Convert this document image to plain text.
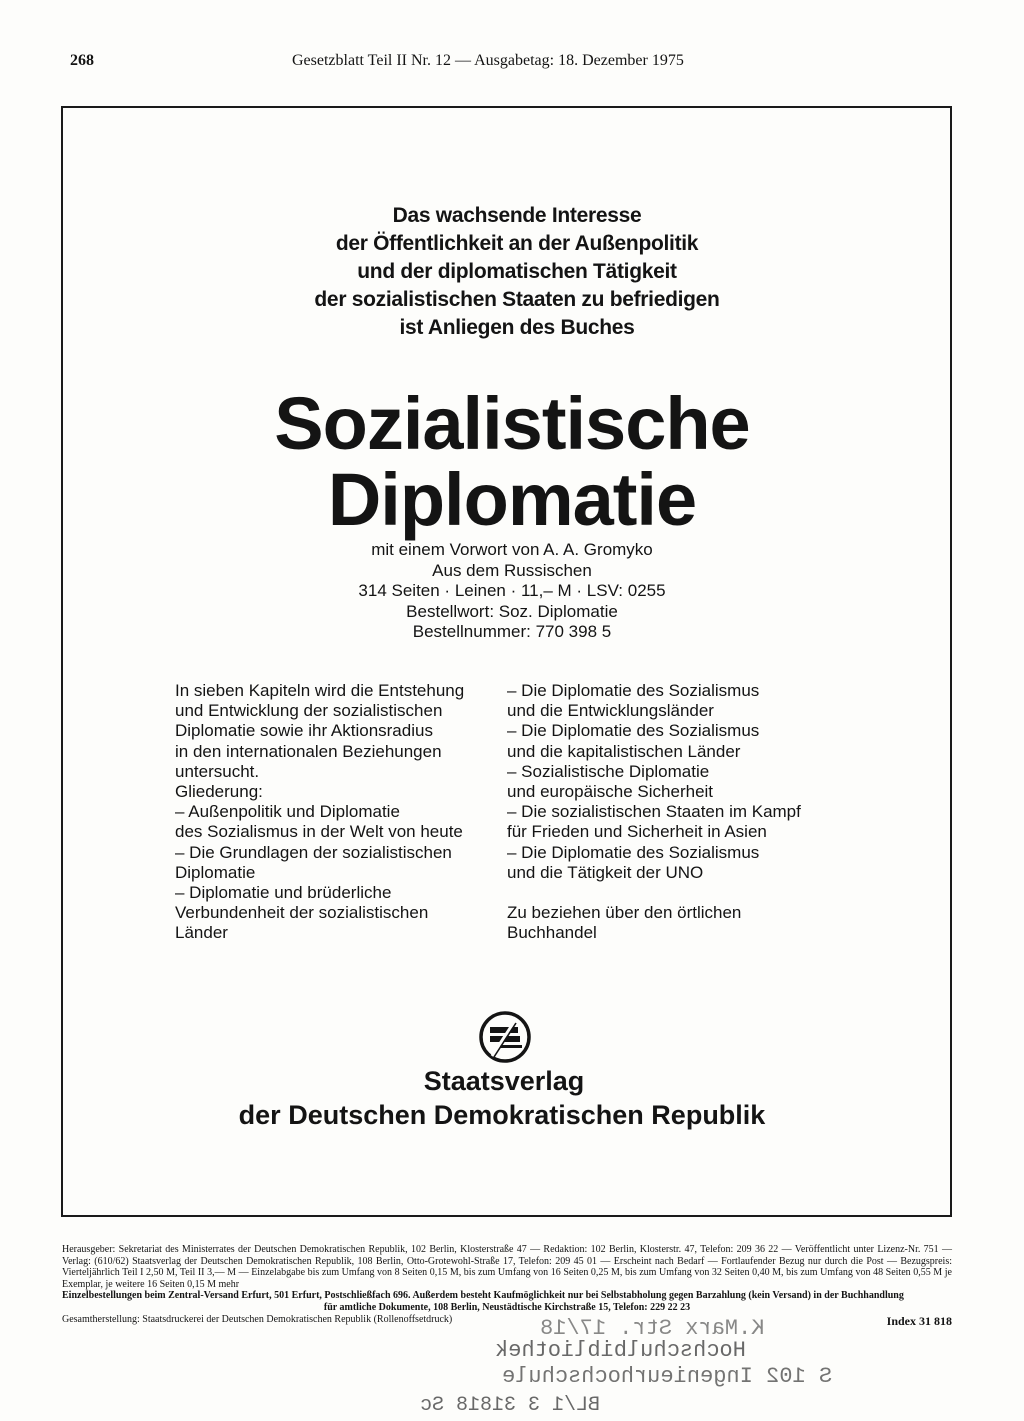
268	Gesetzblatt Teil II Nr. 12 — Ausgabetag: 18. Dezember 1975
Das wachsende Interesse
der Öffentlichkeit an der Außenpolitik
und der diplomatischen Tätigkeit
der sozialistischen Staaten zu befriedigen
ist Anliegen des Buches
Sozialistische
Diplomatie
mit einem Vorwort von A. A. Gromyko
Aus dem Russischen
314 Seiten · Leinen · 11,– M · LSV: 0255
Bestellwort: Soz. Diplomatie
Bestellnummer: 770 398 5
In sieben Kapiteln wird die Entstehung
und Entwicklung der sozialistischen
Diplomatie sowie ihr Aktionsradius
in den internationalen Beziehungen
untersucht.
Gliederung:
– Außenpolitik und Diplomatie
des Sozialismus in der Welt von heute
– Die Grundlagen der sozialistischen
Diplomatie
– Diplomatie und brüderliche
Verbundenheit der sozialistischen
Länder
– Die Diplomatie des Sozialismus
und die Entwicklungsländer
– Die Diplomatie des Sozialismus
und die kapitalistischen Länder
– Sozialistische Diplomatie
und europäische Sicherheit
– Die sozialistischen Staaten im Kampf
für Frieden und Sicherheit in Asien
– Die Diplomatie des Sozialismus
und die Tätigkeit der UNO
Zu beziehen über den örtlichen
Buchhandel
Staatsverlag
der Deutschen Demokratischen Republik
Herausgeber: Sekretariat des Ministerrates der Deutschen Demokratischen Republik, 102 Berlin, Klosterstraße 47 — Redaktion: 102 Berlin, Klosterstr. 47, Telefon: 209 36 22 — Veröffentlicht unter Lizenz-Nr. 751 — Verlag: (610/62) Staatsverlag der Deutschen Demokratischen Republik, 108 Berlin, Otto-Grotewohl-Straße 17, Telefon: 209 45 01 — Erscheint nach Bedarf — Fortlaufender Bezug nur durch die Post — Bezugspreis: Vierteljährlich Teil I 2,50 M, Teil II 3,— M — Einzelabgabe bis zum Umfang von 8 Seiten 0,15 M, bis zum Umfang von 16 Seiten 0,25 M, bis zum Umfang von 32 Seiten 0,40 M, bis zum Umfang von 48 Seiten 0,55 M je Exemplar, je weitere 16 Seiten 0,15 M mehr
Einzelbestellungen beim Zentral-Versand Erfurt, 501 Erfurt, Postschließfach 696. Außerdem besteht Kaufmöglichkeit nur bei Selbstabholung gegen Barzahlung (kein Versand) in der Buchhandlung
für amtliche Dokumente, 108 Berlin, Neustädtische Kirchstraße 15, Telefon: 229 22 23
Gesamtherstellung: Staatsdruckerei der Deutschen Demokratischen Republik (Rollenoffsetdruck)	Index 31 818
K.Marx Str. 17/18
Hochschulbibliothek
S 102 Ingenieurhochschule
BL/1 3 31818 Sc
